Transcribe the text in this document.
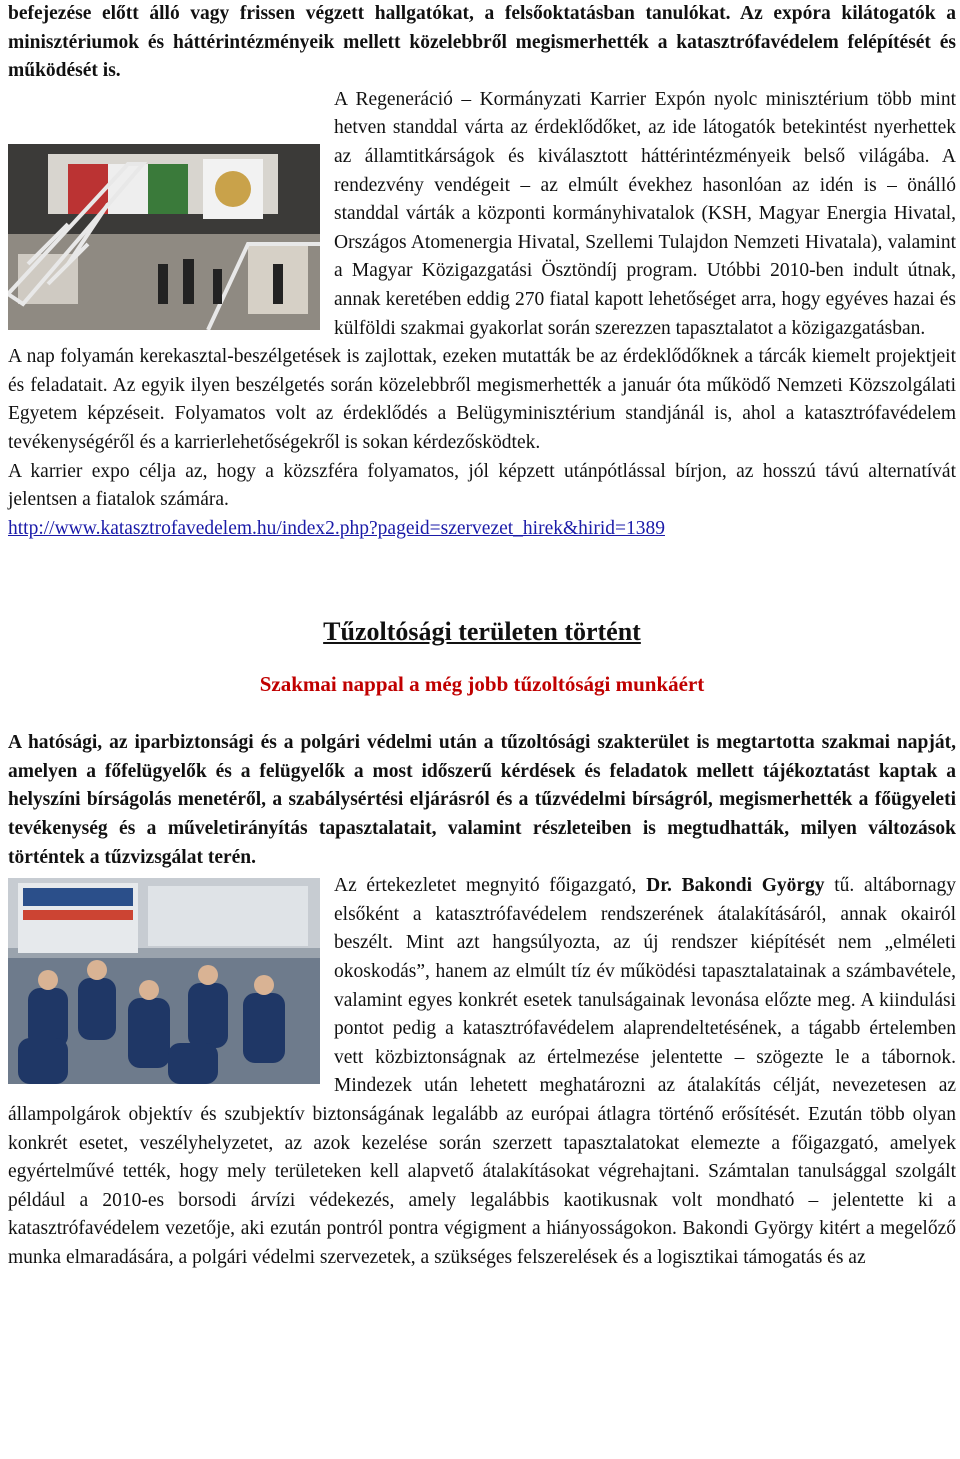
befejezése előtt álló vagy frissen végzett hallgatókat, a felsőoktatásban tanulókat. Az expóra kilátogatók a minisztériumok és háttérintézményeik mellett közelebbről megismerhették a katasztrófavédelem felépítését és működését is.

A Regeneráció – Kormányzati Karrier Expón nyolc minisztérium több mint hetven standdal várta az érdeklődőket, az ide látogatók betekintést nyerhettek az államtitkárságok és kiválasztott háttérintézményeik belső világába. A rendezvény vendégeit – az elmúlt évekhez hasonlóan az idén is – önálló standdal várták a központi kormányhivatalok (KSH, Magyar Energia Hivatal, Országos Atomenergia Hivatal, Szellemi Tulajdon Nemzeti Hivatala), valamint a Magyar Közigazgatási Ösztöndíj program. Utóbbi 2010-ben indult útnak, annak keretében eddig 270 fiatal kapott lehetőséget arra, hogy egyéves hazai és külföldi szakmai gyakorlat során szerezzen tapasztalatot a közigazgatásban.

A nap folyamán kerekasztal-beszélgetések is zajlottak, ezeken mutatták be az érdeklődőknek a tárcák kiemelt projektjeit és feladatait. Az egyik ilyen beszélgetés során közelebbről megismerhették a január óta működő Nemzeti Közszolgálati Egyetem képzéseit. Folyamatos volt az érdeklődés a Belügyminisztérium standjánál is, ahol a katasztrófavédelem tevékenységéről és a karrierlehetőségekről is sokan kérdezősködtek.

A karrier expo célja az, hogy a közszféra folyamatos, jól képzett utánpótlással bírjon, az hosszú távú alternatívát jelentsen a fiatalok számára.

http://www.katasztrofavedelem.hu/index2.php?pageid=szervezet_hirek&hirid=1389

Tűzoltósági területen történt
Szakmai nappal a még jobb tűzoltósági munkáért

A hatósági, az iparbiztonsági és a polgári védelmi után a tűzoltósági szakterület is megtartotta szakmai napját, amelyen a főfelügyelők és a felügyelők a most időszerű kérdések és feladatok mellett tájékoztatást kaptak a helyszíni bírságolás menetéről, a szabálysértési eljárásról és a tűzvédelmi bírságról, megismerhették a főügyeleti tevékenység és a műveletirányítás tapasztalatait, valamint részleteiben is megtudhatták, milyen változások történtek a tűzvizsgálat terén.

Az értekezletet megnyitó főigazgató, Dr. Bakondi György tű. altábornagy elsőként a katasztrófavédelem rendszerének átalakításáról, annak okairól beszélt. Mint azt hangsúlyozta, az új rendszer kiépítését nem „elméleti okoskodás”, hanem az elmúlt tíz év működési tapasztalatainak a számbavétele, valamint egyes konkrét esetek tanulságainak levonása előzte meg. A kiindulási pontot pedig a katasztrófavédelem alaprendeltetésének, a tágabb értelemben vett közbiztonságnak az értelmezése jelentette – szögezte le a tábornok. Mindezek után lehetett meghatározni az átalakítás célját, nevezetesen az állampolgárok objektív és szubjektív biztonságának legalább az európai átlagra történő erősítését. Ezután több olyan konkrét esetet, veszélyhelyzetet, az azok kezelése során szerzett tapasztalatokat elemezte a főigazgató, amelyek egyértelművé tették, hogy mely területeken kell alapvető átalakításokat végrehajtani. Számtalan tanulsággal szolgált például a 2010-es borsodi árvízi védekezés, amely legalábbis kaotikusnak volt mondható – jelentette ki a katasztrófavédelem vezetője, aki ezután pontról pontra végigment a hiányosságokon. Bakondi György kitért a megelőző munka elmaradására, a polgári védelmi szervezetek, a szükséges felszerelések és a logisztikai támogatás és az
